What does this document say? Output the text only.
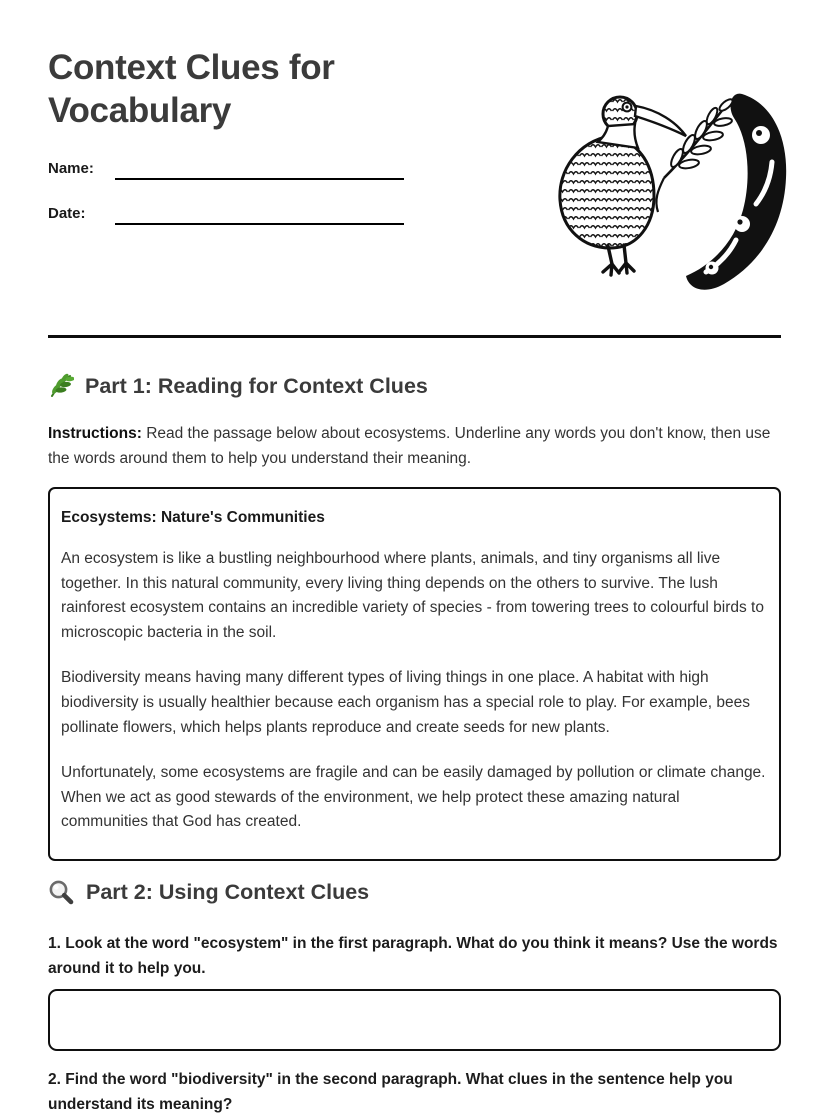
Context Clues for Vocabulary
Name:
Date:
Part 1: Reading for Context Clues

Instructions: Read the passage below about ecosystems. Underline any words you don't know, then use the words around them to help you understand their meaning.

Ecosystems: Nature's Communities

An ecosystem is like a bustling neighbourhood where plants, animals, and tiny organisms all live together. In this natural community, every living thing depends on the others to survive. The lush rainforest ecosystem contains an incredible variety of species - from towering trees to colourful birds to microscopic bacteria in the soil.

Biodiversity means having many different types of living things in one place. A habitat with high biodiversity is usually healthier because each organism has a special role to play. For example, bees pollinate flowers, which helps plants reproduce and create seeds for new plants.

Unfortunately, some ecosystems are fragile and can be easily damaged by pollution or climate change. When we act as good stewards of the environment, we help protect these amazing natural communities that God has created.

Part 2: Using Context Clues

1. Look at the word "ecosystem" in the first paragraph. What do you think it means? Use the words around it to help you.

2. Find the word "biodiversity" in the second paragraph. What clues in the sentence help you understand its meaning?
